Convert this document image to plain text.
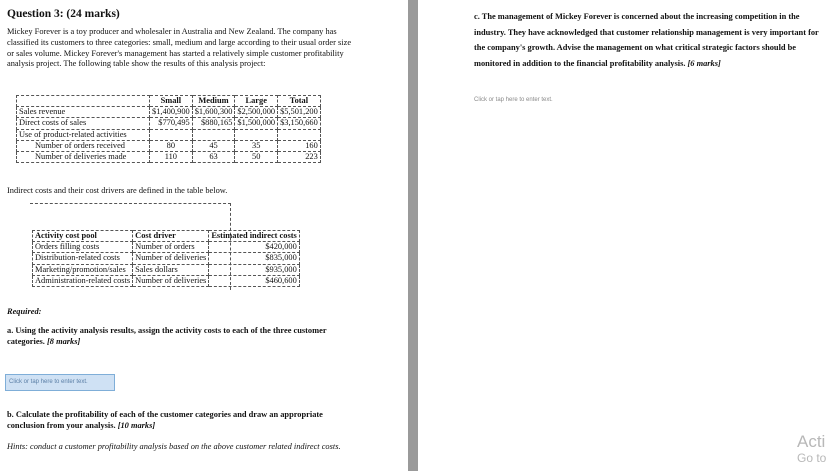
Question 3: (24 marks)
Mickey Forever is a toy producer and wholesaler in Australia and New Zealand. The company has classified its customers to three categories: small, medium and large according to their usual order size or sales volume. Mickey Forever's management has started a relatively simple customer profitability analysis project. The following table show the results of this analysis project:
	Small	Medium	Large	Total
Sales revenue	$1,400,900	$1,600,300	$2,500,000	$5,501,200
Direct costs of sales	$770,495	$880,165	$1,500,000	$3,150,660
Use of product-related activities				
Number of orders received	80	45	35	160
Number of deliveries made	110	63	50	223
Indirect costs and their cost drivers are defined in the table below.
Activity cost pool	Cost driver	Estimated indirect costs
Orders filling costs	Number of orders	$420,000
Distribution-related costs	Number of deliveries	$835,000
Marketing/promotion/sales	Sales dollars	$935,000
Administration-related costs	Number of deliveries	$460,600
Required:
a. Using the activity analysis results, assign the activity costs to each of the three customer categories. [8 marks]
Click or tap here to enter text.
b. Calculate the profitability of each of the customer categories and draw an appropriate conclusion from your analysis. [10 marks]
Hints: conduct a customer profitability analysis based on the above customer related indirect costs.
c. The management of Mickey Forever is concerned about the increasing competition in the industry. They have acknowledged that customer relationship management is very important for the company's growth. Advise the management on what critical strategic factors should be monitored in addition to the financial profitability analysis. [6 marks]
Click or tap here to enter text.
Acti
Go to
